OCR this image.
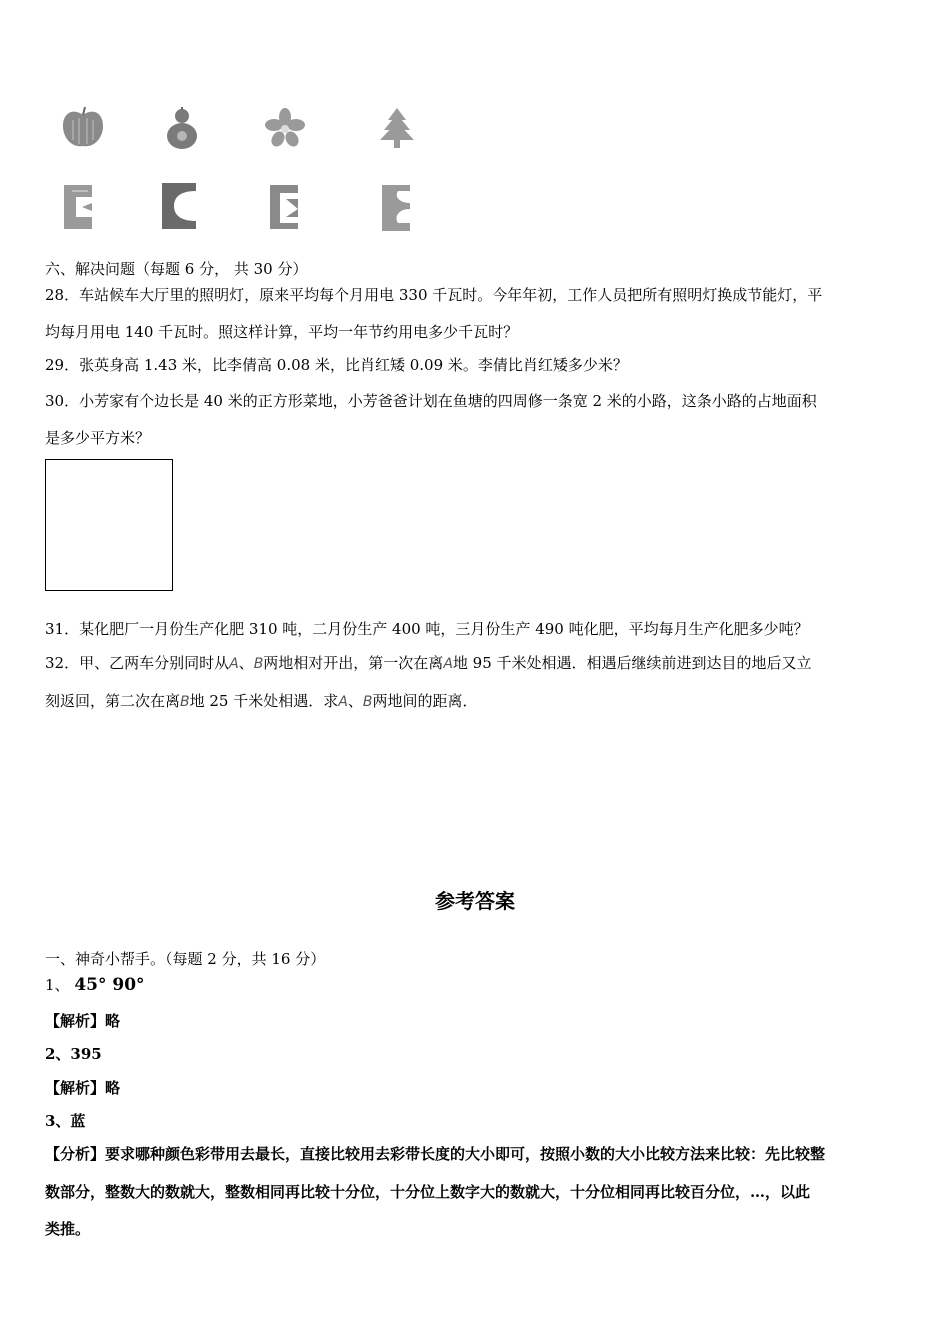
六、解决问题（每题 6 分， 共 30 分）
28．车站候车大厅里的照明灯，原来平均每个月用电 330 千瓦时。今年年初，工作人员把所有照明灯换成节能灯，平
均每月用电 140 千瓦时。照这样计算，平均一年节约用电多少千瓦时？
29．张英身高 1.43 米，比李倩高 0.08 米，比肖红矮 0.09 米。李倩比肖红矮多少米？
30．小芳家有个边长是 40 米的正方形菜地，小芳爸爸计划在鱼塘的四周修一条宽 2 米的小路，这条小路的占地面积
是多少平方米？
31．某化肥厂一月份生产化肥 310 吨，二月份生产 400 吨，三月份生产 490 吨化肥，平均每月生产化肥多少吨？
32．甲、乙两车分别同时从A、B两地相对开出，第一次在离A地 95 千米处相遇．相遇后继续前进到达目的地后又立
刻返回，第二次在离B地 25 千米处相遇．求A、B两地间的距离．
参考答案
一、神奇小帮手。（每题 2 分，共 16 分）
1、 45° 90°
【解析】略
2、395
【解析】略
3、蓝
【分析】要求哪种颜色彩带用去最长，直接比较用去彩带长度的大小即可，按照小数的大小比较方法来比较：先比较整
数部分，整数大的数就大，整数相同再比较十分位，十分位上数字大的数就大，十分位相同再比较百分位，…，以此
类推。
